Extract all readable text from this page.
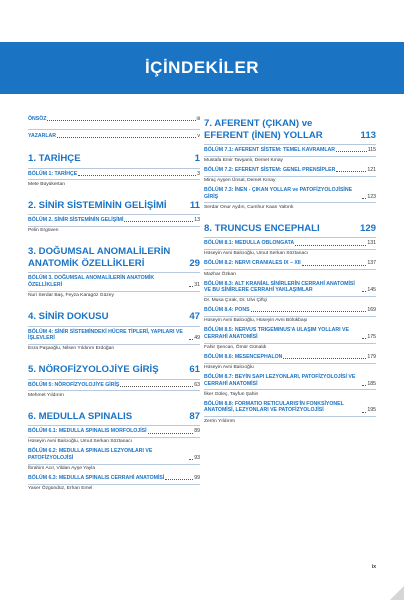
İÇİNDEKİLER
ÖNSÖZ	iii
YAZARLAR	v
1. TARİHÇE	1
BÖLÜM 1: TARİHÇE	3
Mete Büyükertan
2. SİNİR SİSTEMİNİN GELİŞİMİ	11
BÖLÜM 2. SİNİR SİSTEMİNİN GELİŞİMİ	13
Pelin Ergüven
3. DOĞUMSAL ANOMALİLERİN ANATOMİK ÖZELLİKLERİ	29
BÖLÜM 3. DOĞUMSAL ANOMALİLERİN ANATOMİK ÖZELLİKLERİ	31
Nuri Serdar Baş, Feyza Karagöz Güzey
4. SİNİR DOKUSU	47
BÖLÜM 4: SİNİR SİSTEMİNDEKİ HÜCRE TİPLERİ, YAPILARI VE İŞLEVLERİ	49
Esra Paşaoğlu, Nilsen Yıldırım Erdoğan
5. NÖROFİZYOLOJİYE GİRİŞ	61
BÖLÜM 5: NÖROFİZYOLOJİYE GİRİŞ	63
Mehmet Yıldırım
6. MEDULLA SPINALIS	87
BÖLÜM 6.1: MEDULLA SPINALIS MORFOLOJİSİ	89
Hüseyin Avni Balcıoğlu, Umut Serkan Söztanacı
BÖLÜM 6.2: MEDULLA SPINALIS LEZYONLARI VE PATOFİZYOLOJİSİ	93
İbrahim Acır, Vildan Ayşe Yayla
BÖLÜM 6.3: MEDULLA SPINALIS CERRAHİ ANATOMİSİ	99
Yaser Özgündüz, Erhan Emel
7. AFERENT (ÇIKAN) ve EFERENT (İNEN) YOLLAR	113
BÖLÜM 7.1: AFERENT SİSTEM: TEMEL KAVRAMLAR	115
Mustafa Emir Tavşanlı, Demet Kınay
BÖLÜM 7.2: EFERENT SİSTEM: GENEL PRENSİPLER	121
Miraç Ayşen Ünsal, Demet Kınay
BÖLÜM 7.3: İNEN - ÇIKAN YOLLAR ve PATOFİZYOLOJİSİNE GİRİŞ	123
Serdar Onur Aydın, Cumhur Kaan Yaltırık
8. TRUNCUS ENCEPHALI	129
BÖLÜM 8.1: MEDULLA OBLONGATA	131
Hüseyin Avni Balcıoğlu, Umut Serkan Söztanacı
BÖLÜM 8.2: NERVI CRANIALES IX – XII	137
Mazhar Özkan
BÖLÜM 8.3: ALT KRANİAL SİNİRLERİN CERRAHİ ANATOMİSİ VE BU SİNİRLERE CERRAHİ YAKLAŞIMLAR	145
Dr. Musa Çırak, Dr. Ulvi Çiftçi
BÖLÜM 8.4: PONS	169
Hüseyin Avni Balcıoğlu, Hüseyin Avni Bölükbaşı
BÖLÜM 8.5: NERVUS TRIGEMINUS'A ULAŞIM YOLLARI VE CERRAHİ ANATOMİSİ	175
Fahir Şencan, Ömür Günaldı
BÖLÜM 8.6: MESENCEPHALON	179
Hüseyin Avni Balcıoğlu
BÖLÜM 8.7: BEYİN SAPI LEZYONLARI, PATOFİZYOLOJİSİ VE CERRAHİ ANATOMİSİ	185
İlker Güleç, Tayfun Şahin
BÖLÜM 8.8: FORMATIO RETICULARIS'İN FONKSİYONEL ANATOMİSİ, LEZYONLARI VE PATOFİZYOLOJİSİ	195
Zerrin Yıldırım
ix
